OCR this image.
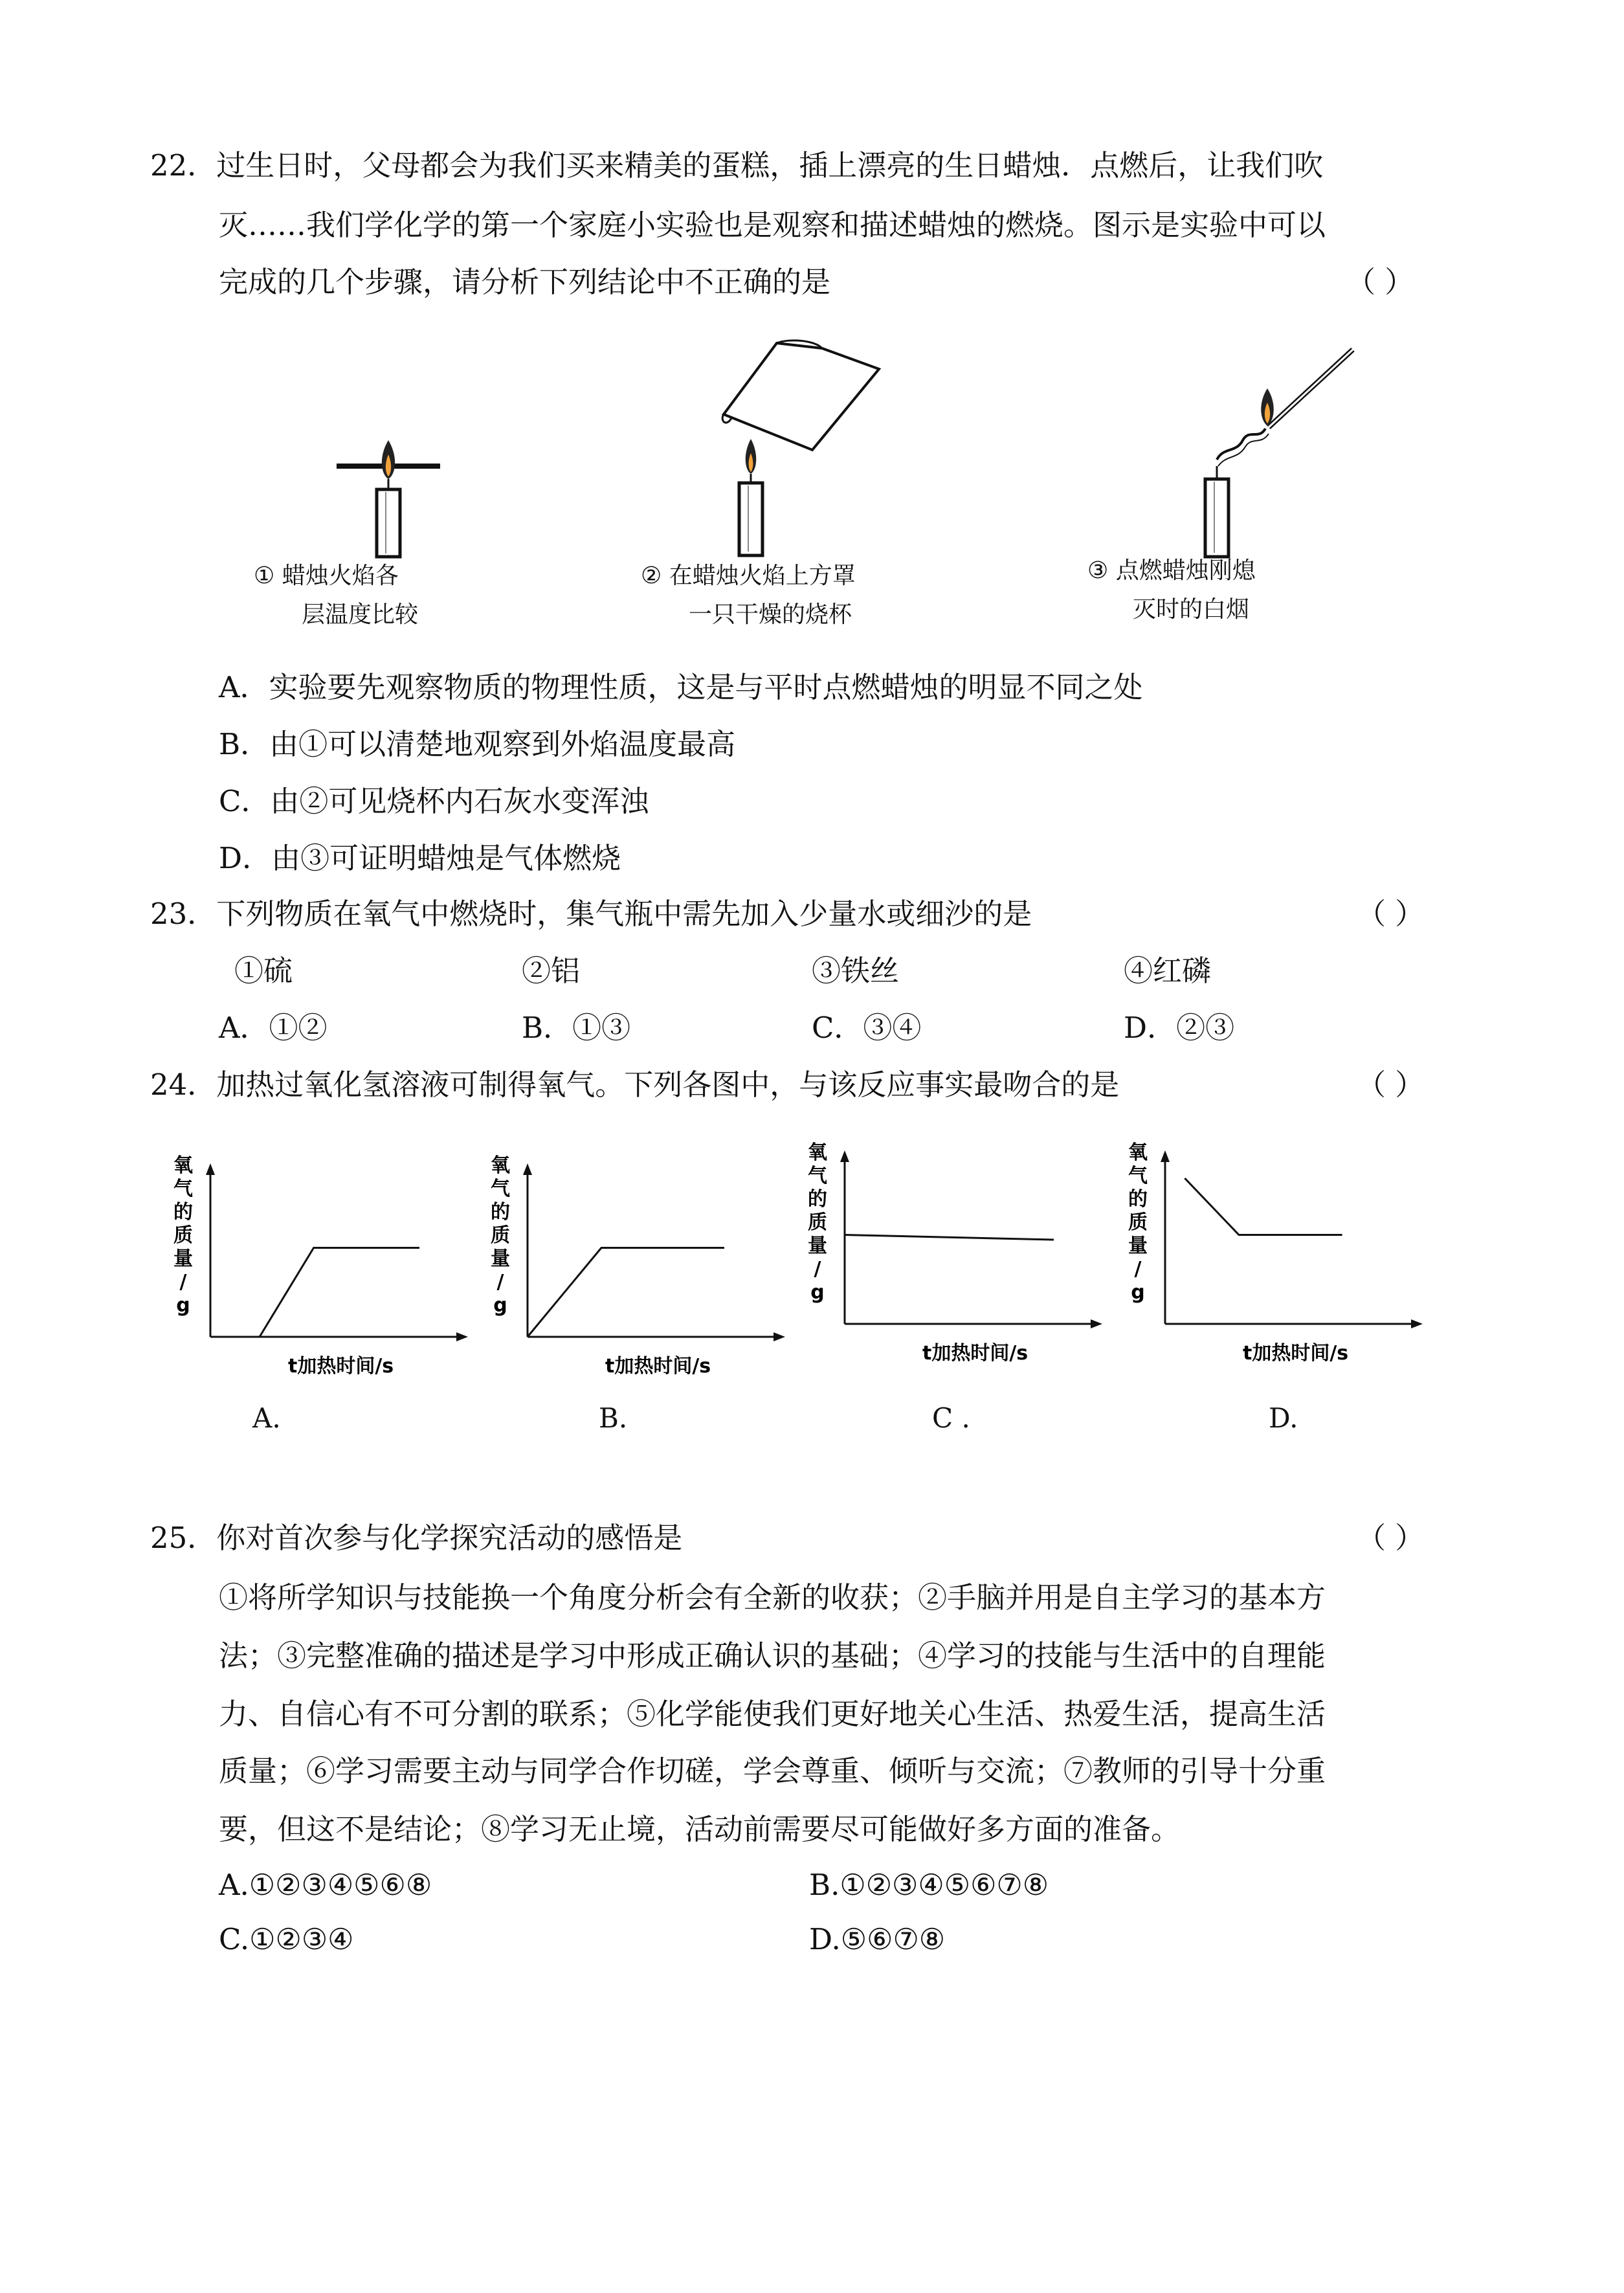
22．过生日时，父母都会为我们买来精美的蛋糕，插上漂亮的生日蜡烛．点燃后，让我们吹
灭……我们学化学的第一个家庭小实验也是观察和描述蜡烛的燃烧。图示是实验中可以
完成的几个步骤，请分析下列结论中不正确的是	（ ）
① 蜡烛火焰各
层温度比较
② 在蜡烛火焰上方罩
一只干燥的烧杯
③ 点燃蜡烛刚熄
灭时的白烟
A．实验要先观察物质的物理性质，这是与平时点燃蜡烛的明显不同之处
B．由①可以清楚地观察到外焰温度最高
C．由②可见烧杯内石灰水变浑浊
D．由③可证明蜡烛是气体燃烧
23．下列物质在氧气中燃烧时，集气瓶中需先加入少量水或细沙的是	（ ）
①硫	②铝	③铁丝	④红磷
A．①②	B．①③	C．③④	D．②③
24．加热过氧化氢溶液可制得氧气。下列各图中，与该反应事实最吻合的是	（ ）
氧
气
的
质
量
/
g
t加热时间/s
A.
氧
气
的
质
量
/
g
t加热时间/s
B.
氧
气
的
质
量
/
g
t加热时间/s
C .
氧
气
的
质
量
/
g
t加热时间/s
D.
25．你对首次参与化学探究活动的感悟是	（ ）
①将所学知识与技能换一个角度分析会有全新的收获；②手脑并用是自主学习的基本方
法；③完整准确的描述是学习中形成正确认识的基础；④学习的技能与生活中的自理能
力、自信心有不可分割的联系；⑤化学能使我们更好地关心生活、热爱生活，提高生活
质量；⑥学习需要主动与同学合作切磋，学会尊重、倾听与交流；⑦教师的引导十分重
要，但这不是结论；⑧学习无止境，活动前需要尽可能做好多方面的准备。
A.①②③④⑤⑥⑧	B.①②③④⑤⑥⑦⑧
C.①②③④	D.⑤⑥⑦⑧
